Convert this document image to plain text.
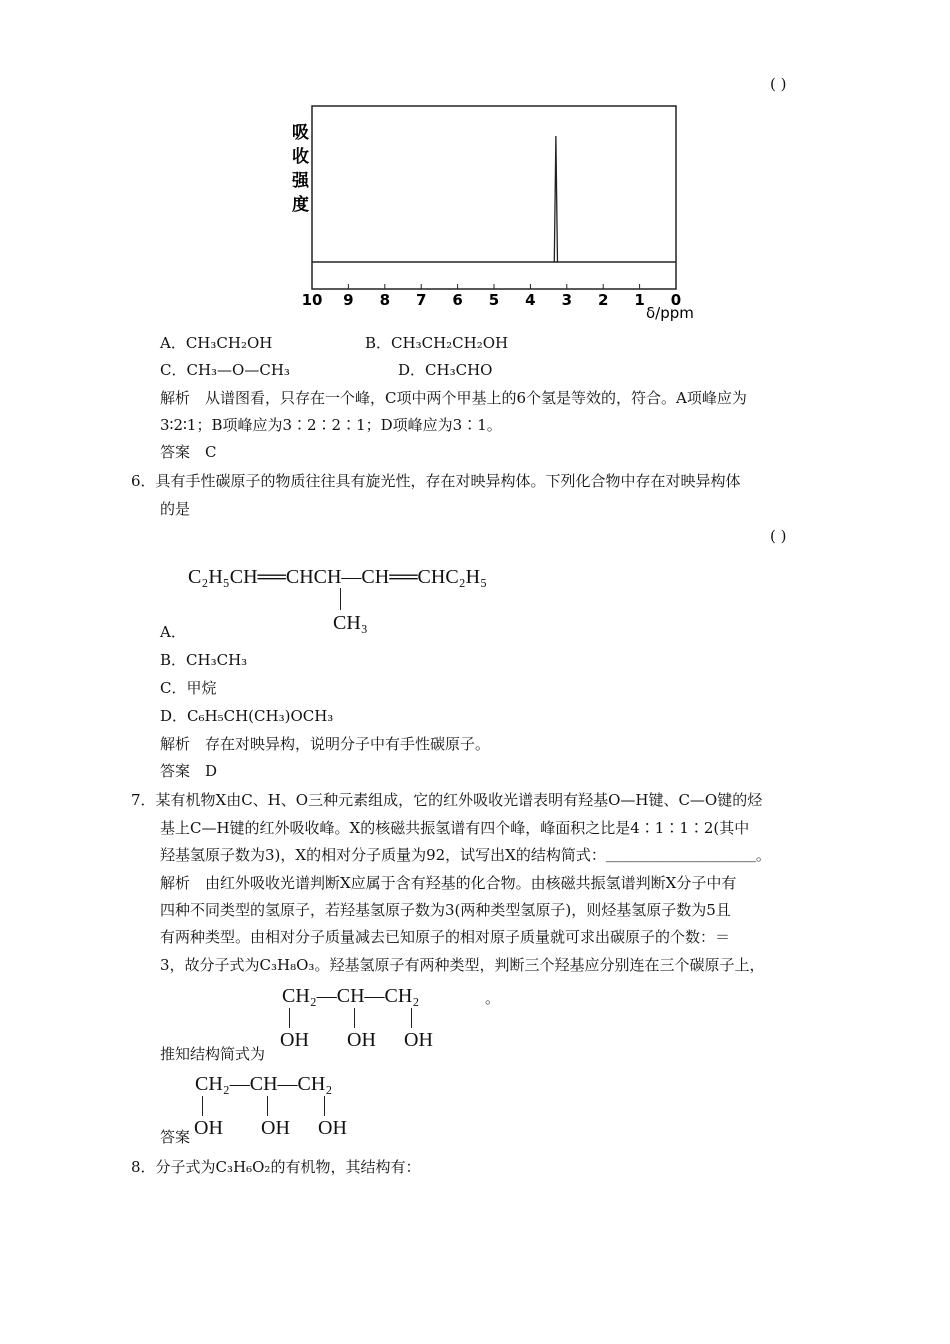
( )
吸
收
强
度
10 9 8 7 6 5 4 3 2 1 0
δ/ppm
A．CH₃CH₂OH	B．CH₃CH₂CH₂OH
C．CH₃—O—CH₃	D．CH₃CHO
解析　从谱图看，只存在一个峰，C项中两个甲基上的6个氢是等效的，符合。A项峰应为
3∶2∶1；B项峰应为3∶2∶2∶1；D项峰应为3∶1。
答案　C
6．具有手性碳原子的物质往往具有旋光性，存在对映异构体。下列化合物中存在对映异构体
的是
( )
C₂H₅CH══CHCH—CH══CHC₂H₅
CH₃
A．
B．CH₃CH₃
C．甲烷
D．C₆H₅CH(CH₃)OCH₃
解析　存在对映异构，说明分子中有手性碳原子。
答案　D
7．某有机物X由C、H、O三种元素组成，它的红外吸收光谱表明有羟基O—H键、C—O键的烃
基上C—H键的红外吸收峰。X的核磁共振氢谱有四个峰，峰面积之比是4∶1∶1∶2(其中
羟基氢原子数为3)，X的相对分子质量为92，试写出X的结构简式：＿＿＿＿＿＿＿＿＿＿。
解析　由红外吸收光谱判断X应属于含有羟基的化合物。由核磁共振氢谱判断X分子中有
四种不同类型的氢原子，若羟基氢原子数为3(两种类型氢原子)，则烃基氢原子数为5且
有两种类型。由相对分子质量减去已知原子的相对原子质量就可求出碳原子的个数：＝
3，故分子式为C₃H₈O₃。羟基氢原子有两种类型，判断三个羟基应分别连在三个碳原子上，
CH₂—CH—CH₂	。
OH OH OH
推知结构简式为
CH₂—CH—CH₂
OH OH OH
答案
8．分子式为C₃H₆O₂的有机物，其结构有：
